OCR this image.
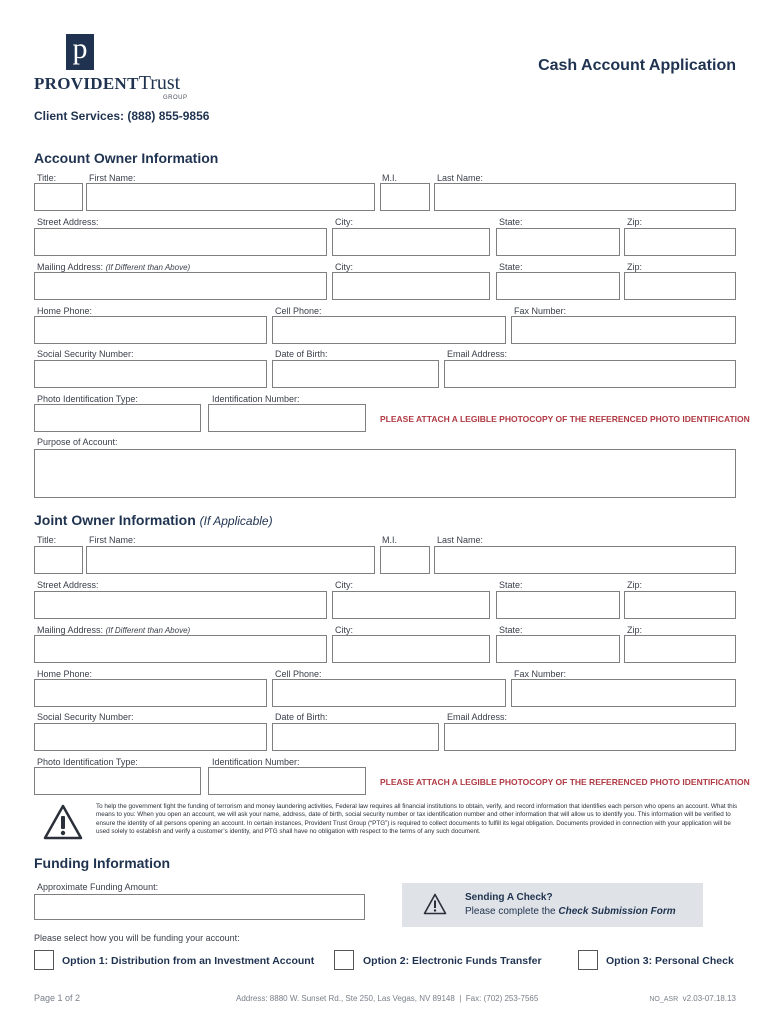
p
PROVIDENTTrust
GROUP
Cash Account Application
Client Services: (888) 855-9856
Account Owner Information
Title:	First Name:	M.I.	Last Name:
Street Address:	City:	State:	Zip:
Mailing Address: (If Different than Above)	City:	State:	Zip:
Home Phone:	Cell Phone:	Fax Number:
Social Security Number:	Date of Birth:	Email Address:
Photo Identification Type:	Identification Number:
PLEASE ATTACH A LEGIBLE PHOTOCOPY OF THE REFERENCED PHOTO IDENTIFICATION
Purpose of Account:
Joint Owner Information (If Applicable)
Title:	First Name:	M.I.	Last Name:
Street Address:	City:	State:	Zip:
Mailing Address: (If Different than Above)	City:	State:	Zip:
Home Phone:	Cell Phone:	Fax Number:
Social Security Number:	Date of Birth:	Email Address:
Photo Identification Type:	Identification Number:
PLEASE ATTACH A LEGIBLE PHOTOCOPY OF THE REFERENCED PHOTO IDENTIFICATION
To help the government fight the funding of terrorism and money laundering activities, Federal law requires all financial institutions to obtain, verify, and record information that identifies each person who opens an account. What this means to you: When you open an account, we will ask your name, address, date of birth, social security number or tax identification number and other information that will allow us to identify you. This information will be verified to ensure the identity of all persons opening an account. In certain instances, Provident Trust Group (“PTG”) is required to collect documents to fulfill its legal obligation. Documents provided in connection with your application will be used solely to establish and verify a customer’s identity, and PTG shall have no obligation with respect to the terms of any such document.
Funding Information
Approximate Funding Amount:
Sending A Check?
Please complete the Check Submission Form
Please select how you will be funding your account:
Option 1: Distribution from an Investment Account	Option 2: Electronic Funds Transfer	Option 3: Personal Check
Page 1 of 2	Address: 8880 W. Sunset Rd., Ste 250, Las Vegas, NV 89148 | Fax: (702) 253-7565	NO_ASR v2.03-07.18.13
